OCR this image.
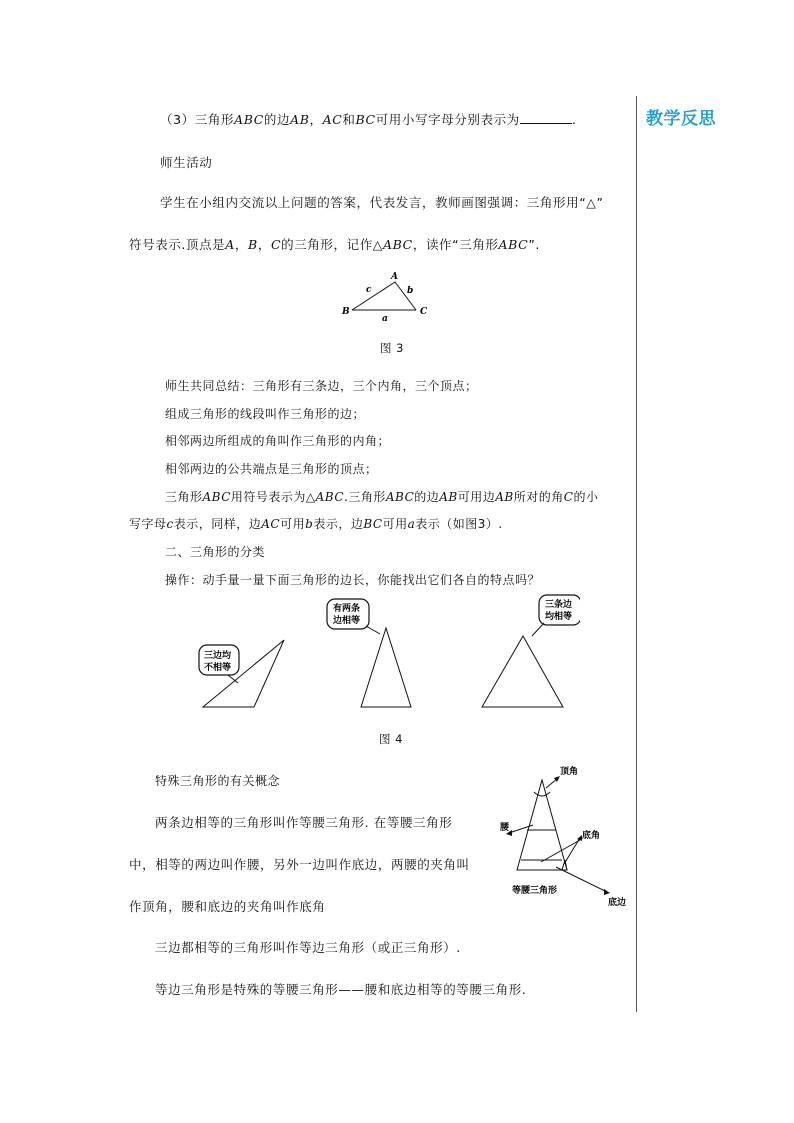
教学反思
（3）三角形ABC的边AB，AC和BC可用小写字母分别表示为	.
师生活动
学生在小组内交流以上问题的答案，代表发言，教师画图强调：三角形用“△”
符号表示.顶点是A，B，C的三角形，记作△ABC，读作“三角形ABC”.
A
B	C
a
b
c
图 3
师生共同总结：三角形有三条边，三个内角，三个顶点；
组成三角形的线段叫作三角形的边；
相邻两边所组成的角叫作三角形的内角；
相邻两边的公共端点是三角形的顶点；
三角形ABC用符号表示为△ABC.三角形ABC的边AB可用边AB所对的角C的小
写字母c表示，同样，边AC可用b表示，边BC可用a表示（如图3）.
二、三角形的分类
操作：动手量一量下面三角形的边长，你能找出它们各自的特点吗？
三边均
不相等
有两条
边相等
三条边
均相等
图 4
特殊三角形的有关概念
两条边相等的三角形叫作等腰三角形. 在等腰三角形
中，相等的两边叫作腰，另外一边叫作底边，两腰的夹角叫
作顶角，腰和底边的夹角叫作底角
三边都相等的三角形叫作等边三角形（或正三角形）.
等边三角形是特殊的等腰三角形——腰和底边相等的等腰三角形.
顶角
腰
底角
等腰三角形
底边
